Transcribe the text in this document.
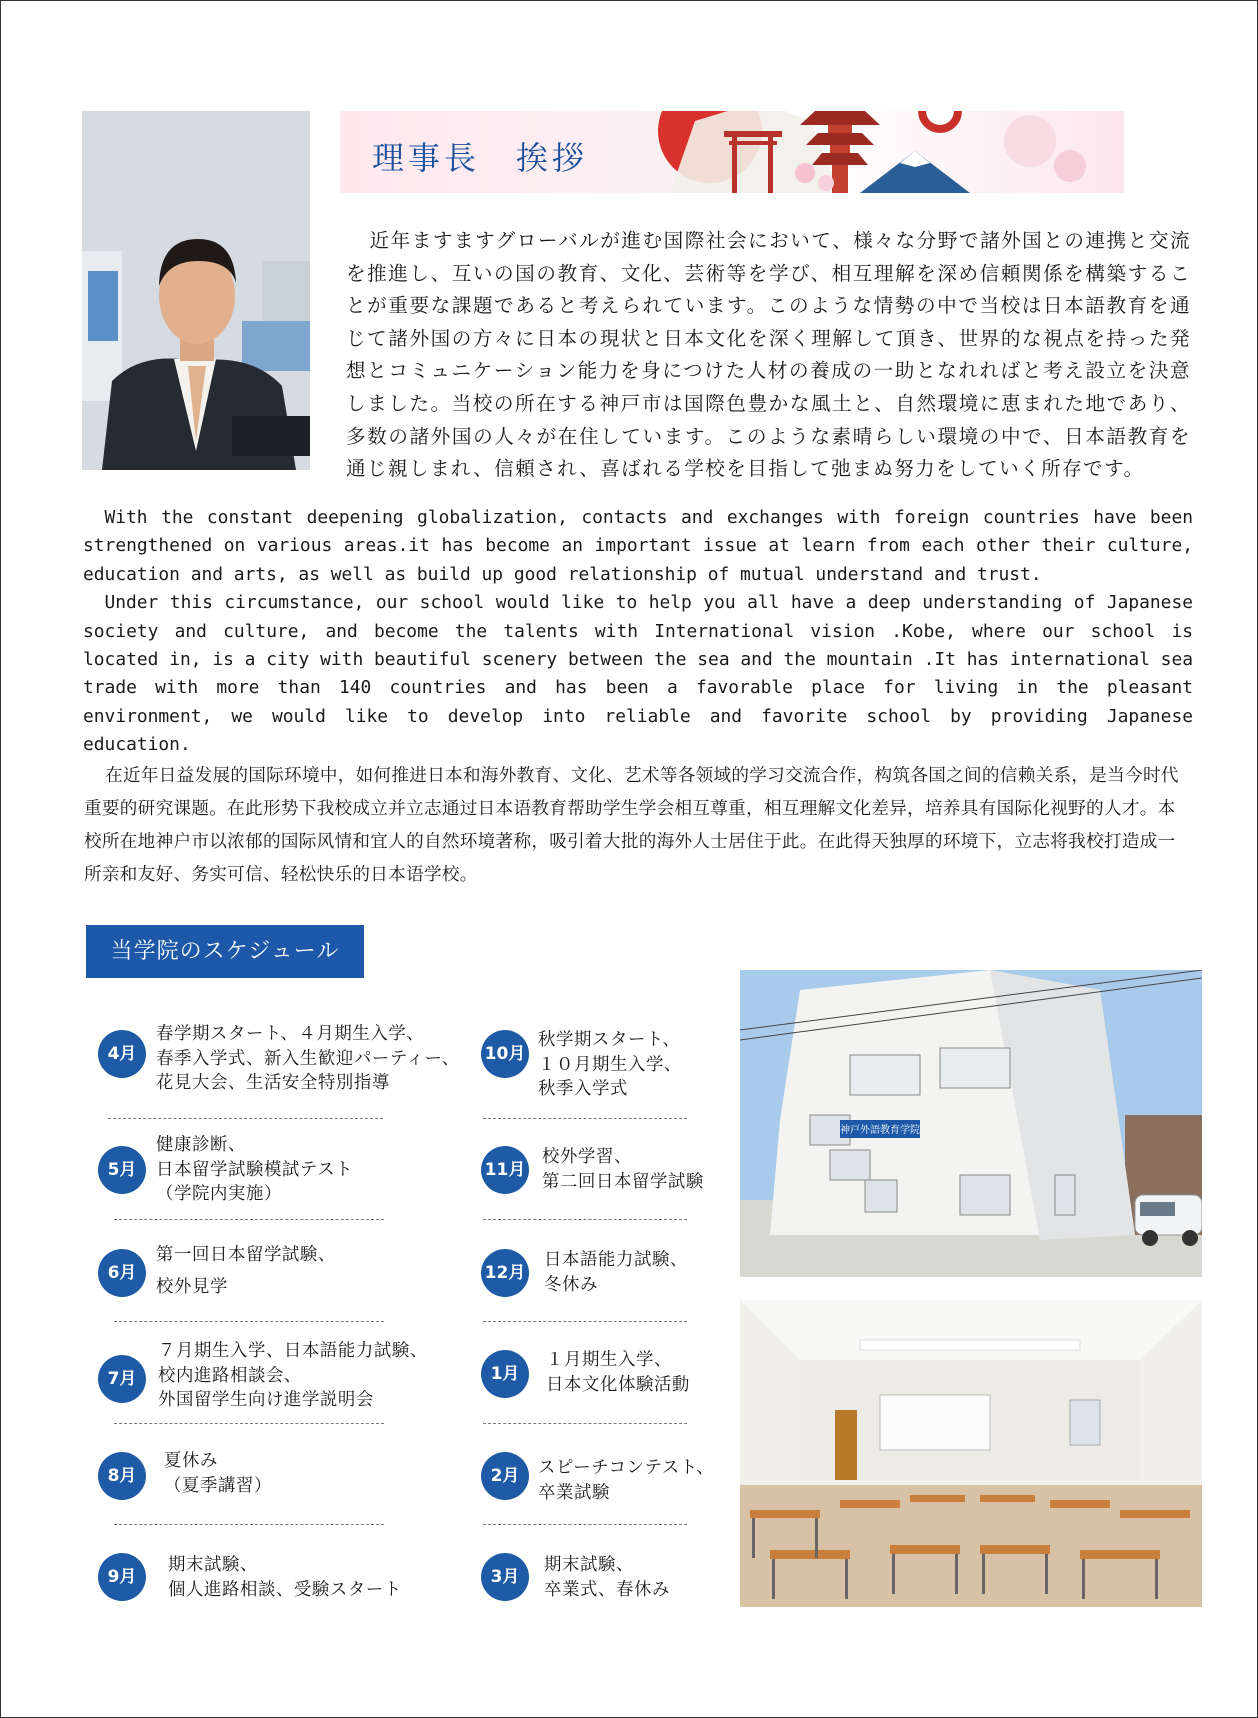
理事長　挨拶
近年ますますグローバルが進む国際社会において、様々な分野で諸外国との連携と交流を推進し、互いの国の教育、文化、芸術等を学び、相互理解を深め信頼関係を構築することが重要な課題であると考えられています。このような情勢の中で当校は日本語教育を通じて諸外国の方々に日本の現状と日本文化を深く理解して頂き、世界的な視点を持った発想とコミュニケーション能力を身につけた人材の養成の一助となれればと考え設立を決意しました。当校の所在する神戸市は国際色豊かな風土と、自然環境に恵まれた地であり、多数の諸外国の人々が在住しています。このような素晴らしい環境の中で、日本語教育を通じ親しまれ、信頼され、喜ばれる学校を目指して弛まぬ努力をしていく所存です。

With the constant deepening globalization, contacts and exchanges with foreign countries have been strengthened on various areas.it has become an important issue at learn from each other their culture, education and arts, as well as build up good relationship of mutual understand and trust.

Under this circumstance, our school would like to help you all have a deep understanding of Japanese society and culture, and become the talents with International vision .Kobe, where our school is located in, is a city with beautiful scenery between the sea and the mountain .It has international sea trade with more than 140 countries and has been a favorable place for living in the pleasant environment, we would like to develop into reliable and favorite school by providing Japanese education.

在近年日益发展的国际环境中，如何推进日本和海外教育、文化、艺术等各领域的学习交流合作，构筑各国之间的信赖关系，是当今时代重要的研究课题。在此形势下我校成立并立志通过日本语教育帮助学生学会相互尊重，相互理解文化差异，培养具有国际化视野的人才。本校所在地神户市以浓郁的国际风情和宜人的自然环境著称，吸引着大批的海外人士居住于此。在此得天独厚的环境下，立志将我校打造成一所亲和友好、务实可信、轻松快乐的日本语学校。
当学院のスケジュール
4月
春学期スタート、４月期生入学、
春季入学式、新入生歓迎パーティー、
花見大会、生活安全特別指導
5月
健康診断、
日本留学試験模試テスト
（学院内実施）
6月
第一回日本留学試験、

校外見学
7月
７月期生入学、日本語能力試験、
校内進路相談会、
外国留学生向け進学説明会
8月
夏休み
（夏季講習）
9月
期末試験、
個人進路相談、受験スタート
10月
秋学期スタート、
１０月期生入学、
秋季入学式
11月
校外学習、
第二回日本留学試験
12月
日本語能力試験、
冬休み
1月
１月期生入学、
日本文化体験活動
2月	スピーチコンテスト、
卒業試験
3月
期末試験、
卒業式、春休み
神戸外語教育学院
